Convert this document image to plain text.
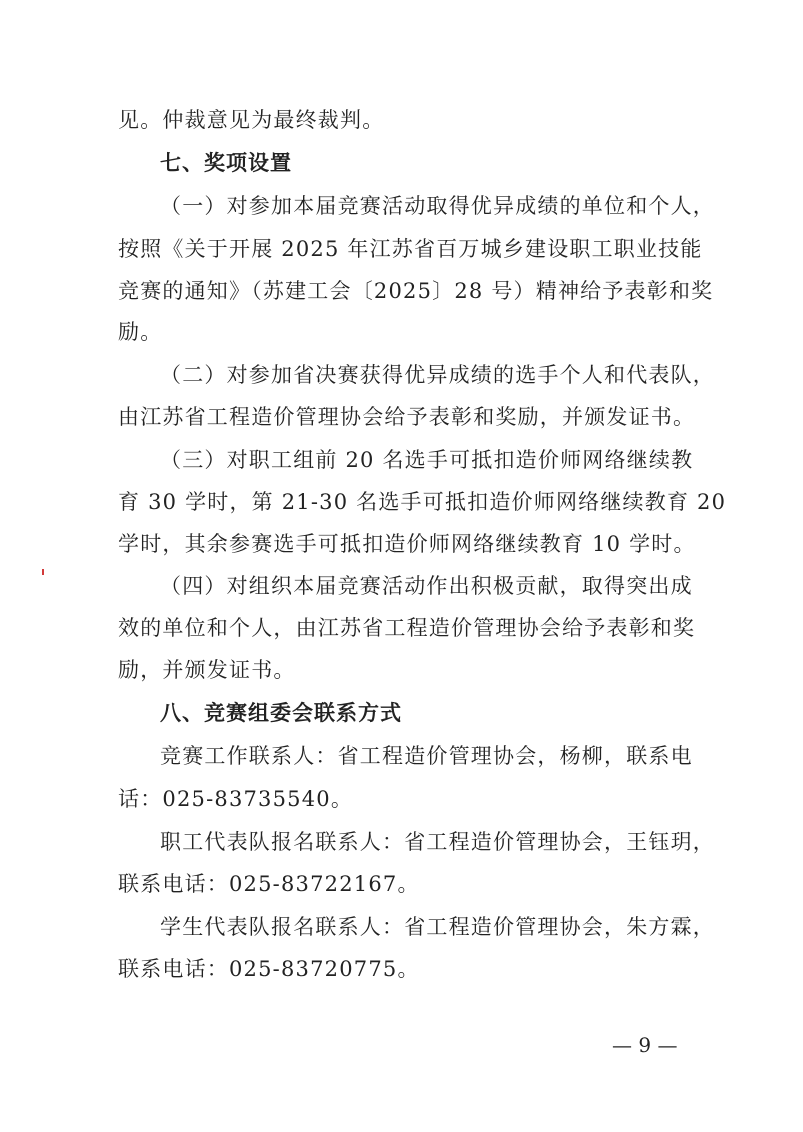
见。仲裁意见为最终裁判。
七、奖项设置
（一）对参加本届竞赛活动取得优异成绩的单位和个人，
按照《关于开展 2025 年江苏省百万城乡建设职工职业技能
竞赛的通知》（苏建工会〔2025〕28 号）精神给予表彰和奖
励。
（二）对参加省决赛获得优异成绩的选手个人和代表队，
由江苏省工程造价管理协会给予表彰和奖励，并颁发证书。
（三）对职工组前 20 名选手可抵扣造价师网络继续教
育 30 学时，第 21-30 名选手可抵扣造价师网络继续教育 20
学时，其余参赛选手可抵扣造价师网络继续教育 10 学时。
（四）对组织本届竞赛活动作出积极贡献，取得突出成
效的单位和个人，由江苏省工程造价管理协会给予表彰和奖
励，并颁发证书。
八、竞赛组委会联系方式
竞赛工作联系人：省工程造价管理协会，杨柳，联系电
话：025-83735540。
职工代表队报名联系人：省工程造价管理协会，王钰玥，
联系电话：025-83722167。
学生代表队报名联系人：省工程造价管理协会，朱方霖，
联系电话：025-83720775。
— 9 —
